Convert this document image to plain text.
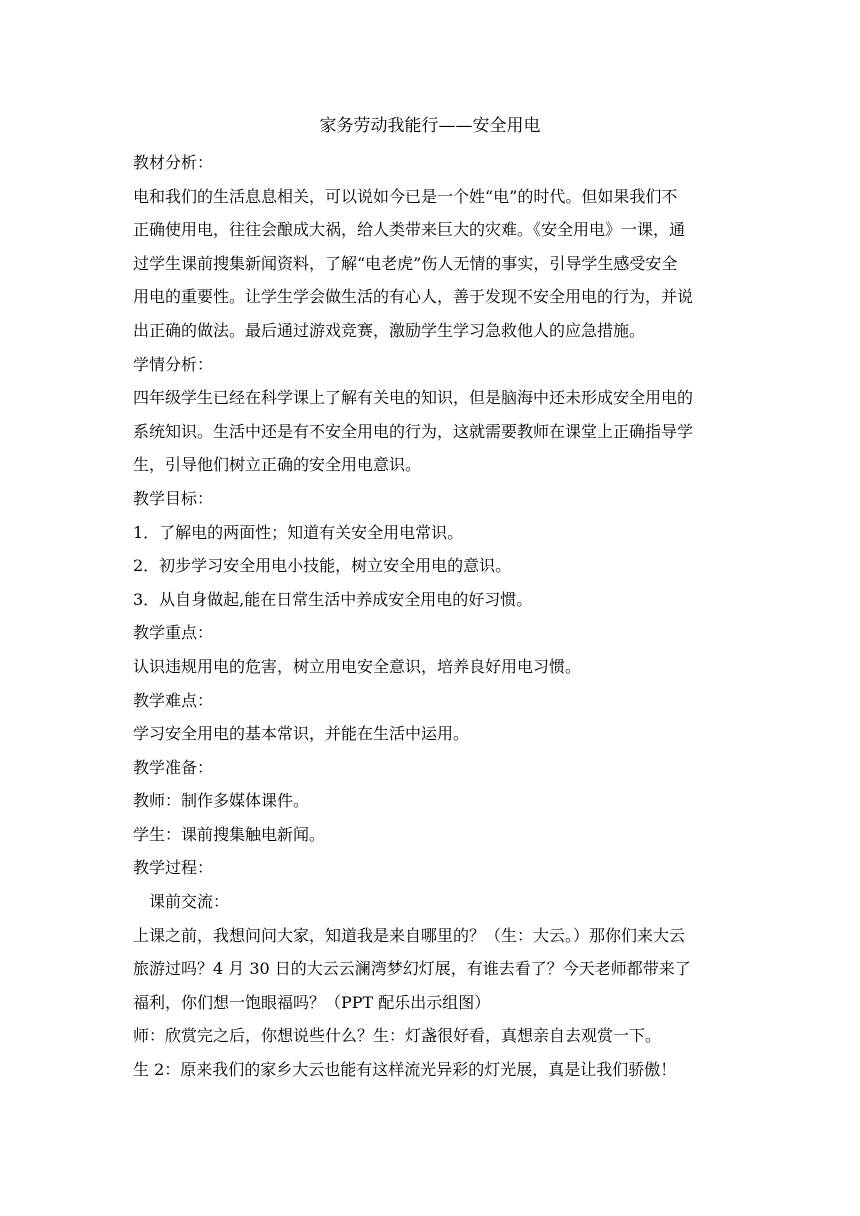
家务劳动我能行——安全用电
教材分析：
电和我们的生活息息相关，可以说如今已是一个姓“电”的时代。但如果我们不
正确使用电，往往会酿成大祸，给人类带来巨大的灾难。《安全用电》一课，通
过学生课前搜集新闻资料，了解“电老虎”伤人无情的事实，引导学生感受安全
用电的重要性。让学生学会做生活的有心人，善于发现不安全用电的行为，并说
出正确的做法。最后通过游戏竞赛，激励学生学习急救他人的应急措施。
学情分析：
四年级学生已经在科学课上了解有关电的知识，但是脑海中还未形成安全用电的
系统知识。生活中还是有不安全用电的行为，这就需要教师在课堂上正确指导学
生，引导他们树立正确的安全用电意识。
教学目标：
1．了解电的两面性；知道有关安全用电常识。
2．初步学习安全用电小技能，树立安全用电的意识。
3．从自身做起,能在日常生活中养成安全用电的好习惯。
教学重点：
认识违规用电的危害，树立用电安全意识，培养良好用电习惯。
教学难点：
学习安全用电的基本常识，并能在生活中运用。
教学准备：
教师：制作多媒体课件。
学生：课前搜集触电新闻。
教学过程：
课前交流：
上课之前，我想问问大家，知道我是来自哪里的？（生：大云。）那你们来大云
旅游过吗？4 月 30 日的大云云澜湾梦幻灯展，有谁去看了？今天老师都带来了
福利，你们想一饱眼福吗？（PPT 配乐出示组图）
师：欣赏完之后，你想说些什么？生：灯盏很好看，真想亲自去观赏一下。
生 2：原来我们的家乡大云也能有这样流光异彩的灯光展，真是让我们骄傲！
